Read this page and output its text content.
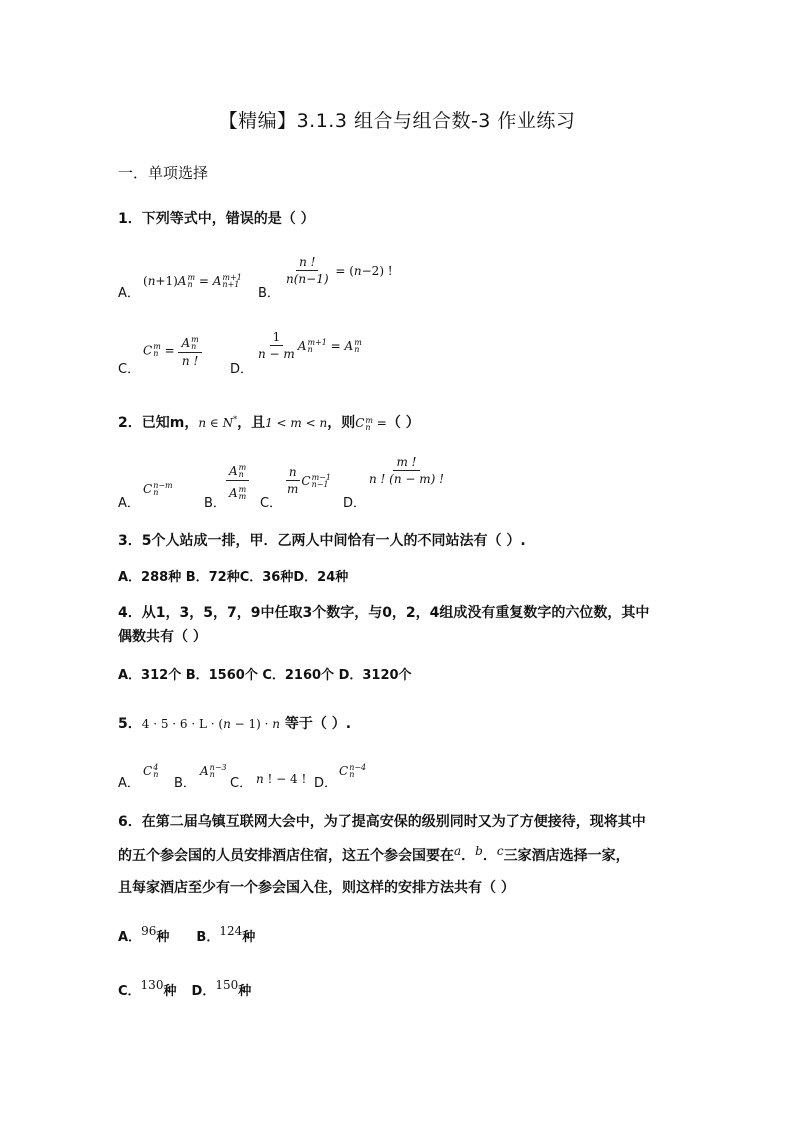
【精编】3.1.3 组合与组合数-3 作业练习
一．单项选择
1．下列等式中，错误的是（ ）
A．
(n+1)A m
n = A m+1
n+1
B．
$\frac{n !}{n(n-1)} = (n-2)$ !
C．
C m
n = A m
n
n !
D．
$\frac{1}{n - m}$ A m+1
n	= A m
n
2．已知m，n ∈ N*，且1 < m < n，则C m
n =（ ）
A．
C n−m
n
B．
A m
n
A m
m
C．
$\frac{n}{m}$ C m−1
n−1
D．
$\frac{m !}{n ! (n - m) !}$
3．5个人站成一排，甲．乙两人中间恰有一人的不同站法有（ ）.
A．288种 B．72种C．36种D．24种
4．从1，3，5，7，9中任取3个数字，与0，2，4组成没有重复数字的六位数，其中
偶数共有（ ）
A．312个 B．1560个 C．2160个 D．3120个
5．4 · 5 · 6 · L · (n − 1) · n 等于（ ）.
A．
C 4
n
B．
A n−3
n
C． n ! − 4 ! D．
C n−4
n
6．在第二届乌镇互联网大会中，为了提高安保的级别同时又为了方便接待，现将其中
的五个参会国的人员安排酒店住宿，这五个参会国要在$^a$．$^b$．$^c$三家酒店选择一家，
且每家酒店至少有一个参会国入住，则这样的安排方法共有（ ）
A．96种 B．124种
C．130种 D．150种
